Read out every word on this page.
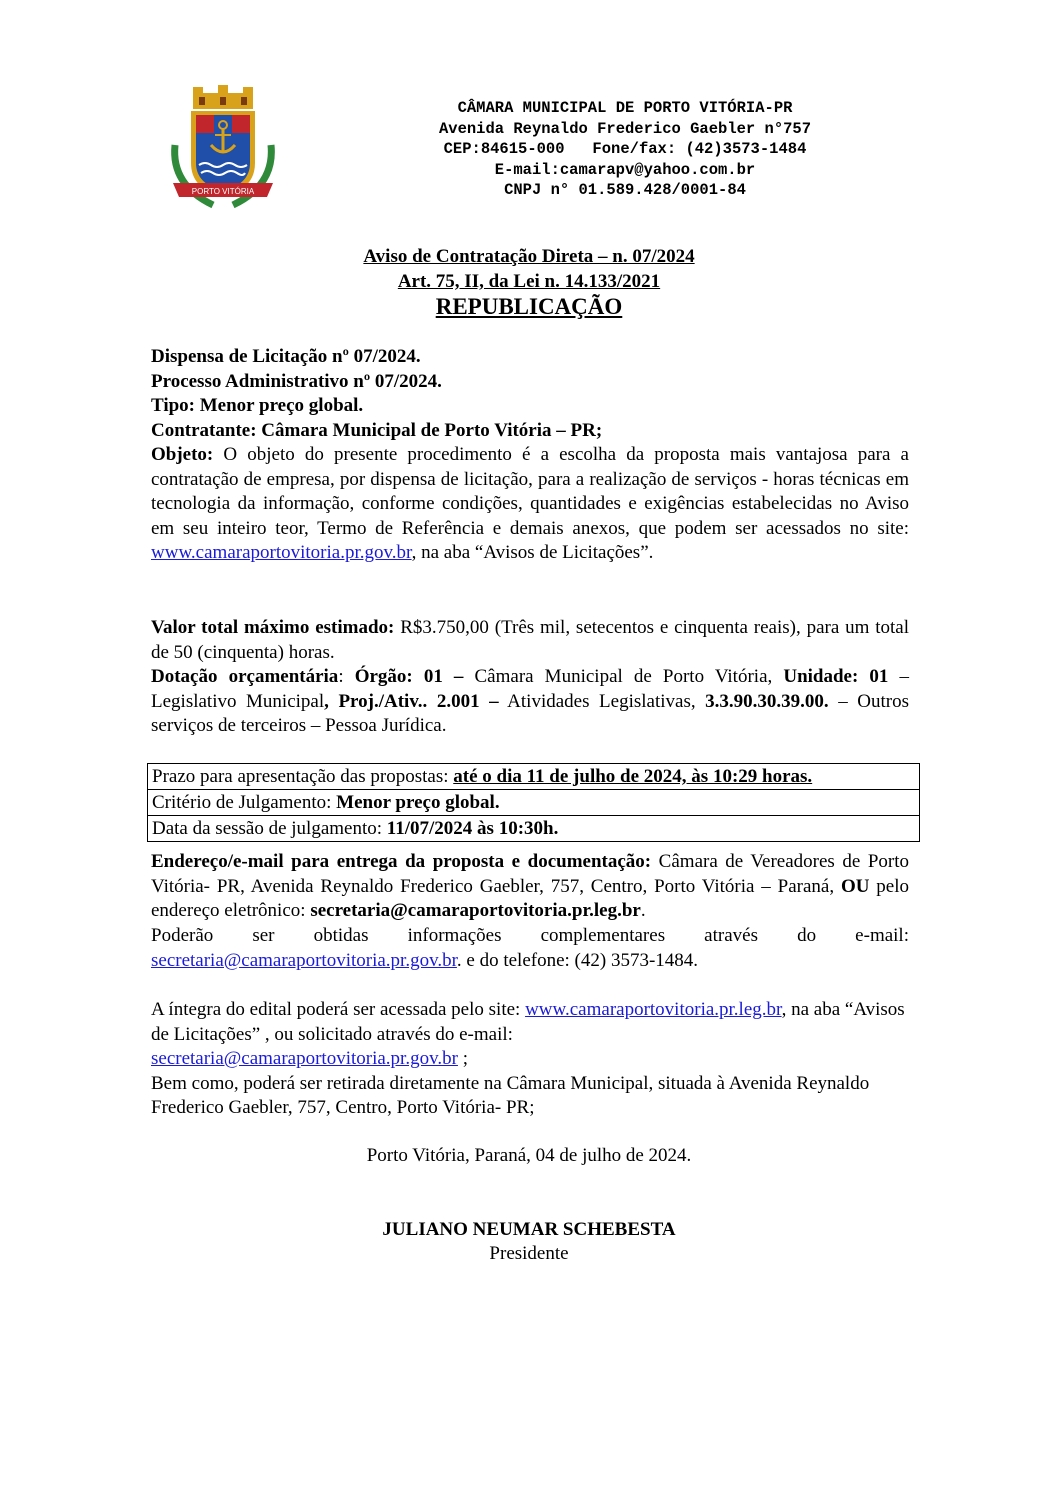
PORTO VITÓRIA
CÂMARA MUNICIPAL DE PORTO VITÓRIA-PR
Avenida Reynaldo Frederico Gaebler n°757
CEP:84615-000   Fone/fax: (42)3573-1484
E-mail:camarapv@yahoo.com.br
CNPJ n° 01.589.428/0001-84
Aviso de Contratação Direta – n. 07/2024
Art. 75, II, da Lei n. 14.133/2021
REPUBLICAÇÃO
Dispensa de Licitação nº 07/2024.
Processo Administrativo nº 07/2024.
Tipo: Menor preço global.
Contratante: Câmara Municipal de Porto Vitória – PR;
Objeto: O objeto do presente procedimento é a escolha da proposta mais vantajosa para a contratação de empresa, por dispensa de licitação, para a realização de serviços - horas técnicas em tecnologia da informação, conforme condições, quantidades e exigências estabelecidas no Aviso em seu inteiro teor, Termo de Referência e demais anexos, que podem ser acessados no site: www.camaraportovitoria.pr.gov.br, na aba “Avisos de Licitações”.
Valor total máximo estimado: R$3.750,00 (Três mil, setecentos e cinquenta reais), para um total de 50 (cinquenta) horas.
Dotação orçamentária: Órgão: 01 – Câmara Municipal de Porto Vitória, Unidade: 01 – Legislativo Municipal, Proj./Ativ.. 2.001 – Atividades Legislativas, 3.3.90.30.39.00. – Outros serviços de terceiros – Pessoa Jurídica.
Prazo para apresentação das propostas: até o dia 11 de julho de 2024, às 10:29 horas.
Critério de Julgamento: Menor preço global.
Data da sessão de julgamento: 11/07/2024 às 10:30h.
Endereço/e-mail para entrega da proposta e documentação: Câmara de Vereadores de Porto Vitória- PR, Avenida Reynaldo Frederico Gaebler, 757, Centro, Porto Vitória – Paraná, OU pelo endereço eletrônico: secretaria@camaraportovitoria.pr.leg.br.
Poderão ser obtidas informações complementares através do e-mail: secretaria@camaraportovitoria.pr.gov.br. e do telefone: (42) 3573-1484.
A íntegra do edital poderá ser acessada pelo site: www.camaraportovitoria.pr.leg.br, na aba “Avisos de Licitações” , ou solicitado através do e-mail:
secretaria@camaraportovitoria.pr.gov.br ;
Bem como, poderá ser retirada diretamente na Câmara Municipal, situada à Avenida Reynaldo Frederico Gaebler, 757, Centro, Porto Vitória- PR;
Porto Vitória, Paraná, 04 de julho de 2024.
JULIANO NEUMAR SCHEBESTA
Presidente
